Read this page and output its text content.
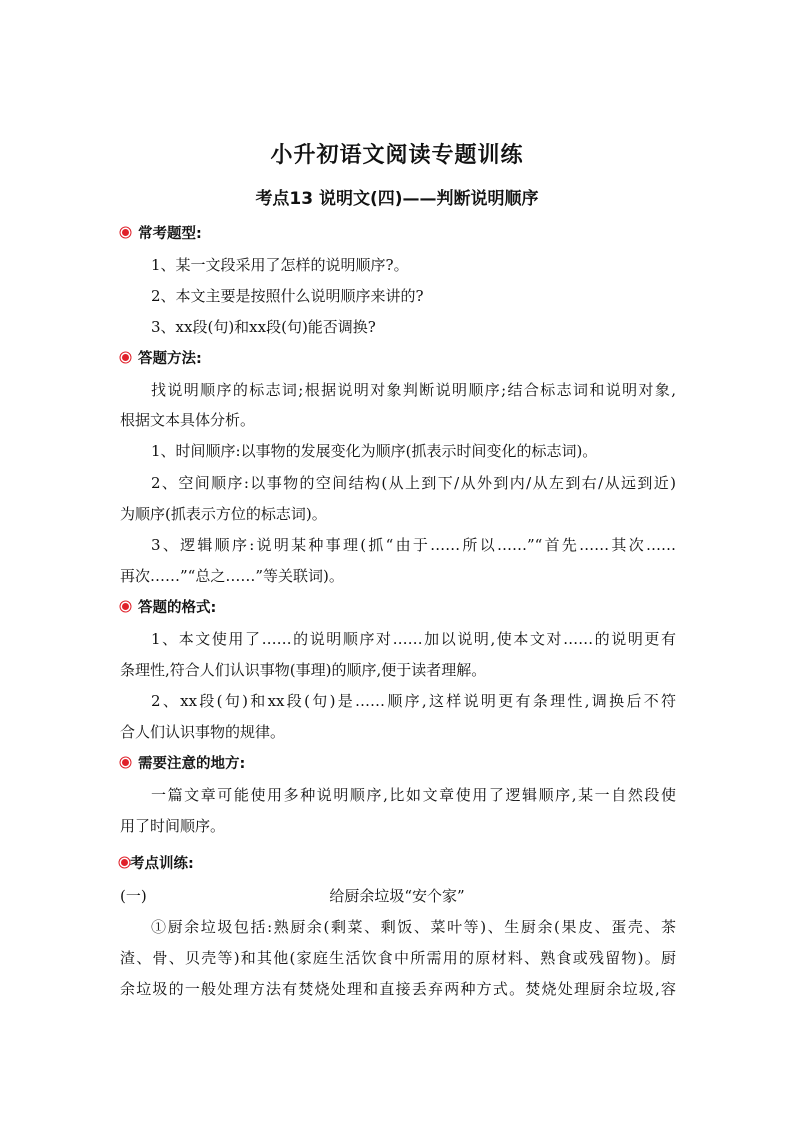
小升初语文阅读专题训练
考点13 说明文(四)——判断说明顺序
常考题型:
1、某一文段采用了怎样的说明顺序?。
2、本文主要是按照什么说明顺序来讲的?
3、xx段(句)和xx段(句)能否调换?
答题方法:
找说明顺序的标志词;根据说明对象判断说明顺序;结合标志词和说明对象,
根据文本具体分析。
1、时间顺序:以事物的发展变化为顺序(抓表示时间变化的标志词)。
2、空间顺序:以事物的空间结构(从上到下/从外到内/从左到右/从远到近)
为顺序(抓表示方位的标志词)。
3、逻辑顺序:说明某种事理(抓“由于……所以……”“首先……其次……
再次……”“总之……”等关联词)。
答题的格式:
1、本文使用了……的说明顺序对……加以说明,使本文对……的说明更有
条理性,符合人们认识事物(事理)的顺序,便于读者理解。
2、xx段(句)和xx段(句)是……顺序,这样说明更有条理性,调换后不符
合人们认识事物的规律。
需要注意的地方:
一篇文章可能使用多种说明顺序,比如文章使用了逻辑顺序,某一自然段使
用了时间顺序。
考点训练:
(一)	给厨余垃圾“安个家”
①厨余垃圾包括:熟厨余(剩菜、剩饭、菜叶等)、生厨余(果皮、蛋壳、茶
渣、骨、贝壳等)和其他(家庭生活饮食中所需用的原材料、熟食或残留物)。厨
余垃圾的一般处理方法有焚烧处理和直接丢弃两种方式。焚烧处理厨余垃圾,容
